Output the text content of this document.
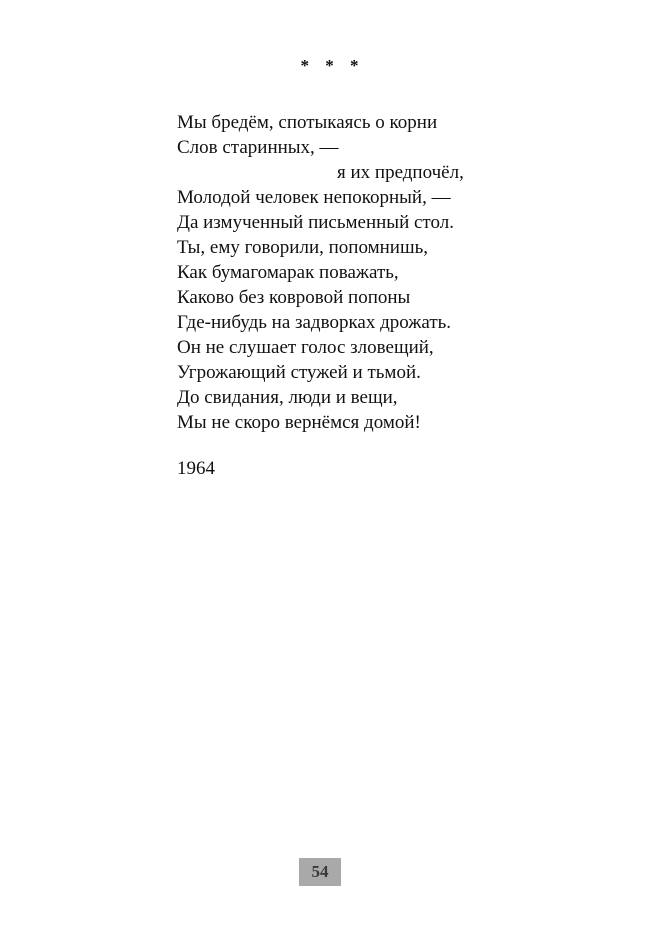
* * *
Мы бредём, спотыкаясь о корни
Слов старинных, —
я их предпочёл,
Молодой человек непокорный, —
Да измученный письменный стол.
Ты, ему говорили, попомнишь,
Как бумагомарак поважать,
Каково без ковровой попоны
Где-нибудь на задворках дрожать.
Он не слушает голос зловещий,
Угрожающий стужей и тьмой.
До свидания, люди и вещи,
Мы не скоро вернёмся домой!
1964
54
